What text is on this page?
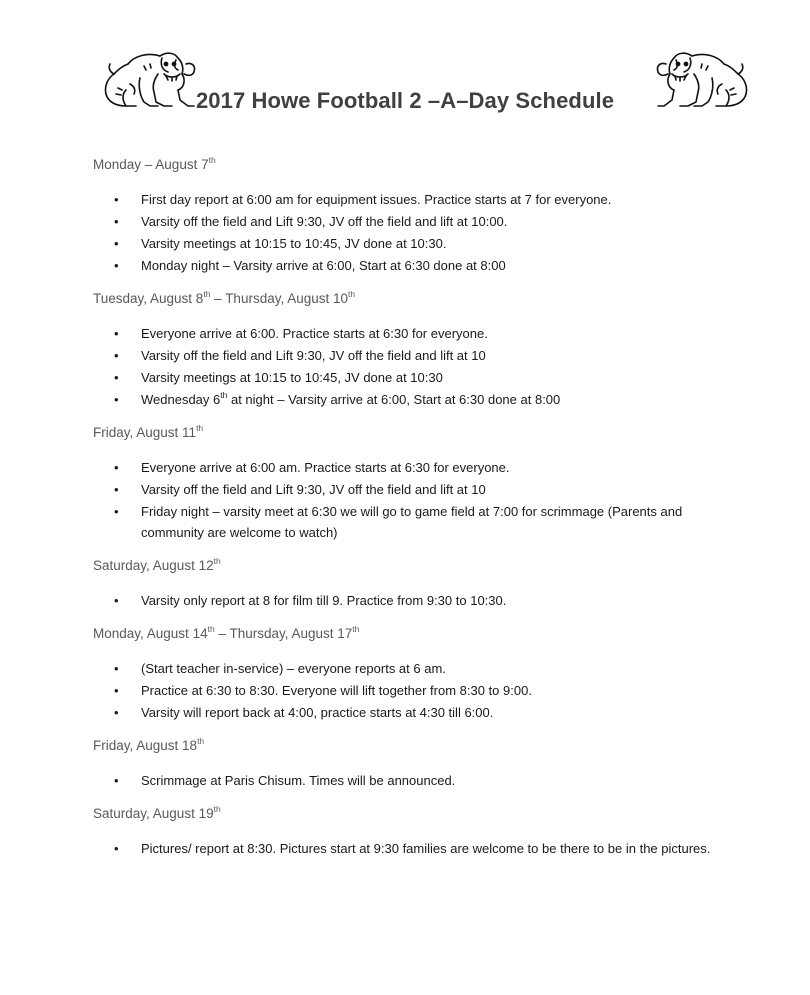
2017 Howe Football 2 –A–Day Schedule
Monday – August 7th
• First day report at 6:00 am for equipment issues. Practice starts at 7 for everyone.
• Varsity off the field and Lift 9:30, JV off the field and lift at 10:00.
• Varsity meetings at 10:15 to 10:45, JV done at 10:30.
• Monday night – Varsity arrive at 6:00, Start at 6:30 done at 8:00
Tuesday, August 8th – Thursday, August 10th
• Everyone arrive at 6:00. Practice starts at 6:30 for everyone.
• Varsity off the field and Lift 9:30, JV off the field and lift at 10
• Varsity meetings at 10:15 to 10:45, JV done at 10:30
• Wednesday 6th at night – Varsity arrive at 6:00, Start at 6:30 done at 8:00
Friday, August 11th
• Everyone arrive at 6:00 am. Practice starts at 6:30 for everyone.
• Varsity off the field and Lift 9:30, JV off the field and lift at 10
• Friday night – varsity meet at 6:30 we will go to game field at 7:00 for scrimmage (Parents and community are welcome to watch)
Saturday, August 12th
• Varsity only report at 8 for film till 9. Practice from 9:30 to 10:30.
Monday, August 14th – Thursday, August 17th
• (Start teacher in-service) – everyone reports at 6 am.
• Practice at 6:30 to 8:30. Everyone will lift together from 8:30 to 9:00.
• Varsity will report back at 4:00, practice starts at 4:30 till 6:00.
Friday, August 18th
• Scrimmage at Paris Chisum. Times will be announced.
Saturday, August 19th
• Pictures/ report at 8:30. Pictures start at 9:30 families are welcome to be there to be in the pictures.
